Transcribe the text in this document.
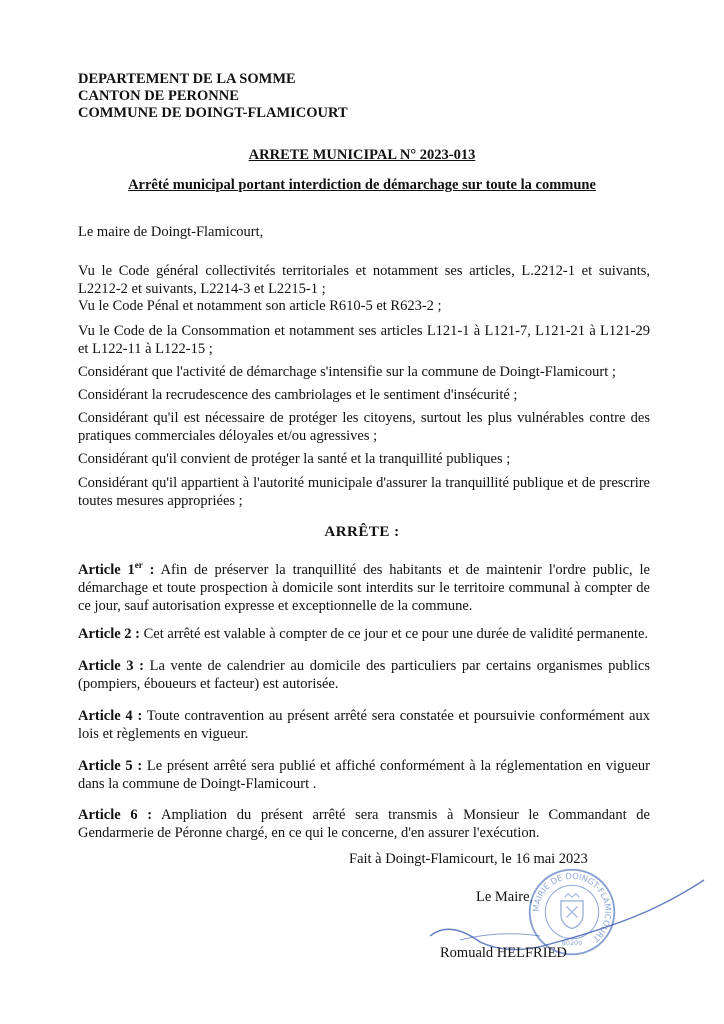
DEPARTEMENT DE LA SOMME
CANTON DE PERONNE
COMMUNE DE DOINGT-FLAMICOURT
ARRETE MUNICIPAL N° 2023-013
Arrêté municipal portant interdiction de démarchage sur toute la commune
Le maire de Doingt-Flamicourt,
Vu le Code général collectivités territoriales et notamment ses articles, L.2212-1 et suivants, L2212-2 et suivants, L2214-3 et L2215-1 ;
Vu le Code Pénal et notamment son article R610-5 et R623-2 ;
Vu le Code de la Consommation et notamment ses articles L121-1 à L121-7, L121-21 à L121-29 et L122-11 à L122-15 ;
Considérant que l'activité de démarchage s'intensifie sur la commune de Doingt-Flamicourt ;
Considérant la recrudescence des cambriolages et le sentiment d'insécurité ;
Considérant qu'il est nécessaire de protéger les citoyens, surtout les plus vulnérables contre des pratiques commerciales déloyales et/ou agressives ;
Considérant qu'il convient de protéger la santé et la tranquillité publiques ;
Considérant qu'il appartient à l'autorité municipale d'assurer la tranquillité publique et de prescrire toutes mesures appropriées ;
ARRÊTE :
Article 1er : Afin de préserver la tranquillité des habitants et de maintenir l'ordre public, le démarchage et toute prospection à domicile sont interdits sur le territoire communal à compter de ce jour, sauf autorisation expresse et exceptionnelle de la commune.
Article 2 : Cet arrêté est valable à compter de ce jour et ce pour une durée de validité permanente.
Article 3 : La vente de calendrier au domicile des particuliers par certains organismes publics (pompiers, éboueurs et facteur) est autorisée.
Article 4 : Toute contravention au présent arrêté sera constatée et poursuivie conformément aux lois et règlements en vigueur.
Article 5 : Le présent arrêté sera publié et affiché conformément à la réglementation en vigueur dans la commune de Doingt-Flamicourt .
Article 6 : Ampliation du présent arrêté sera transmis à Monsieur le Commandant de Gendarmerie de Péronne chargé, en ce qui le concerne, d'en assurer l'exécution.
Fait à Doingt-Flamicourt, le 16 mai 2023
Le Maire,
MAIRIE DE DOINGT-FLAMICOURT
80200
Romuald HELFRIED
